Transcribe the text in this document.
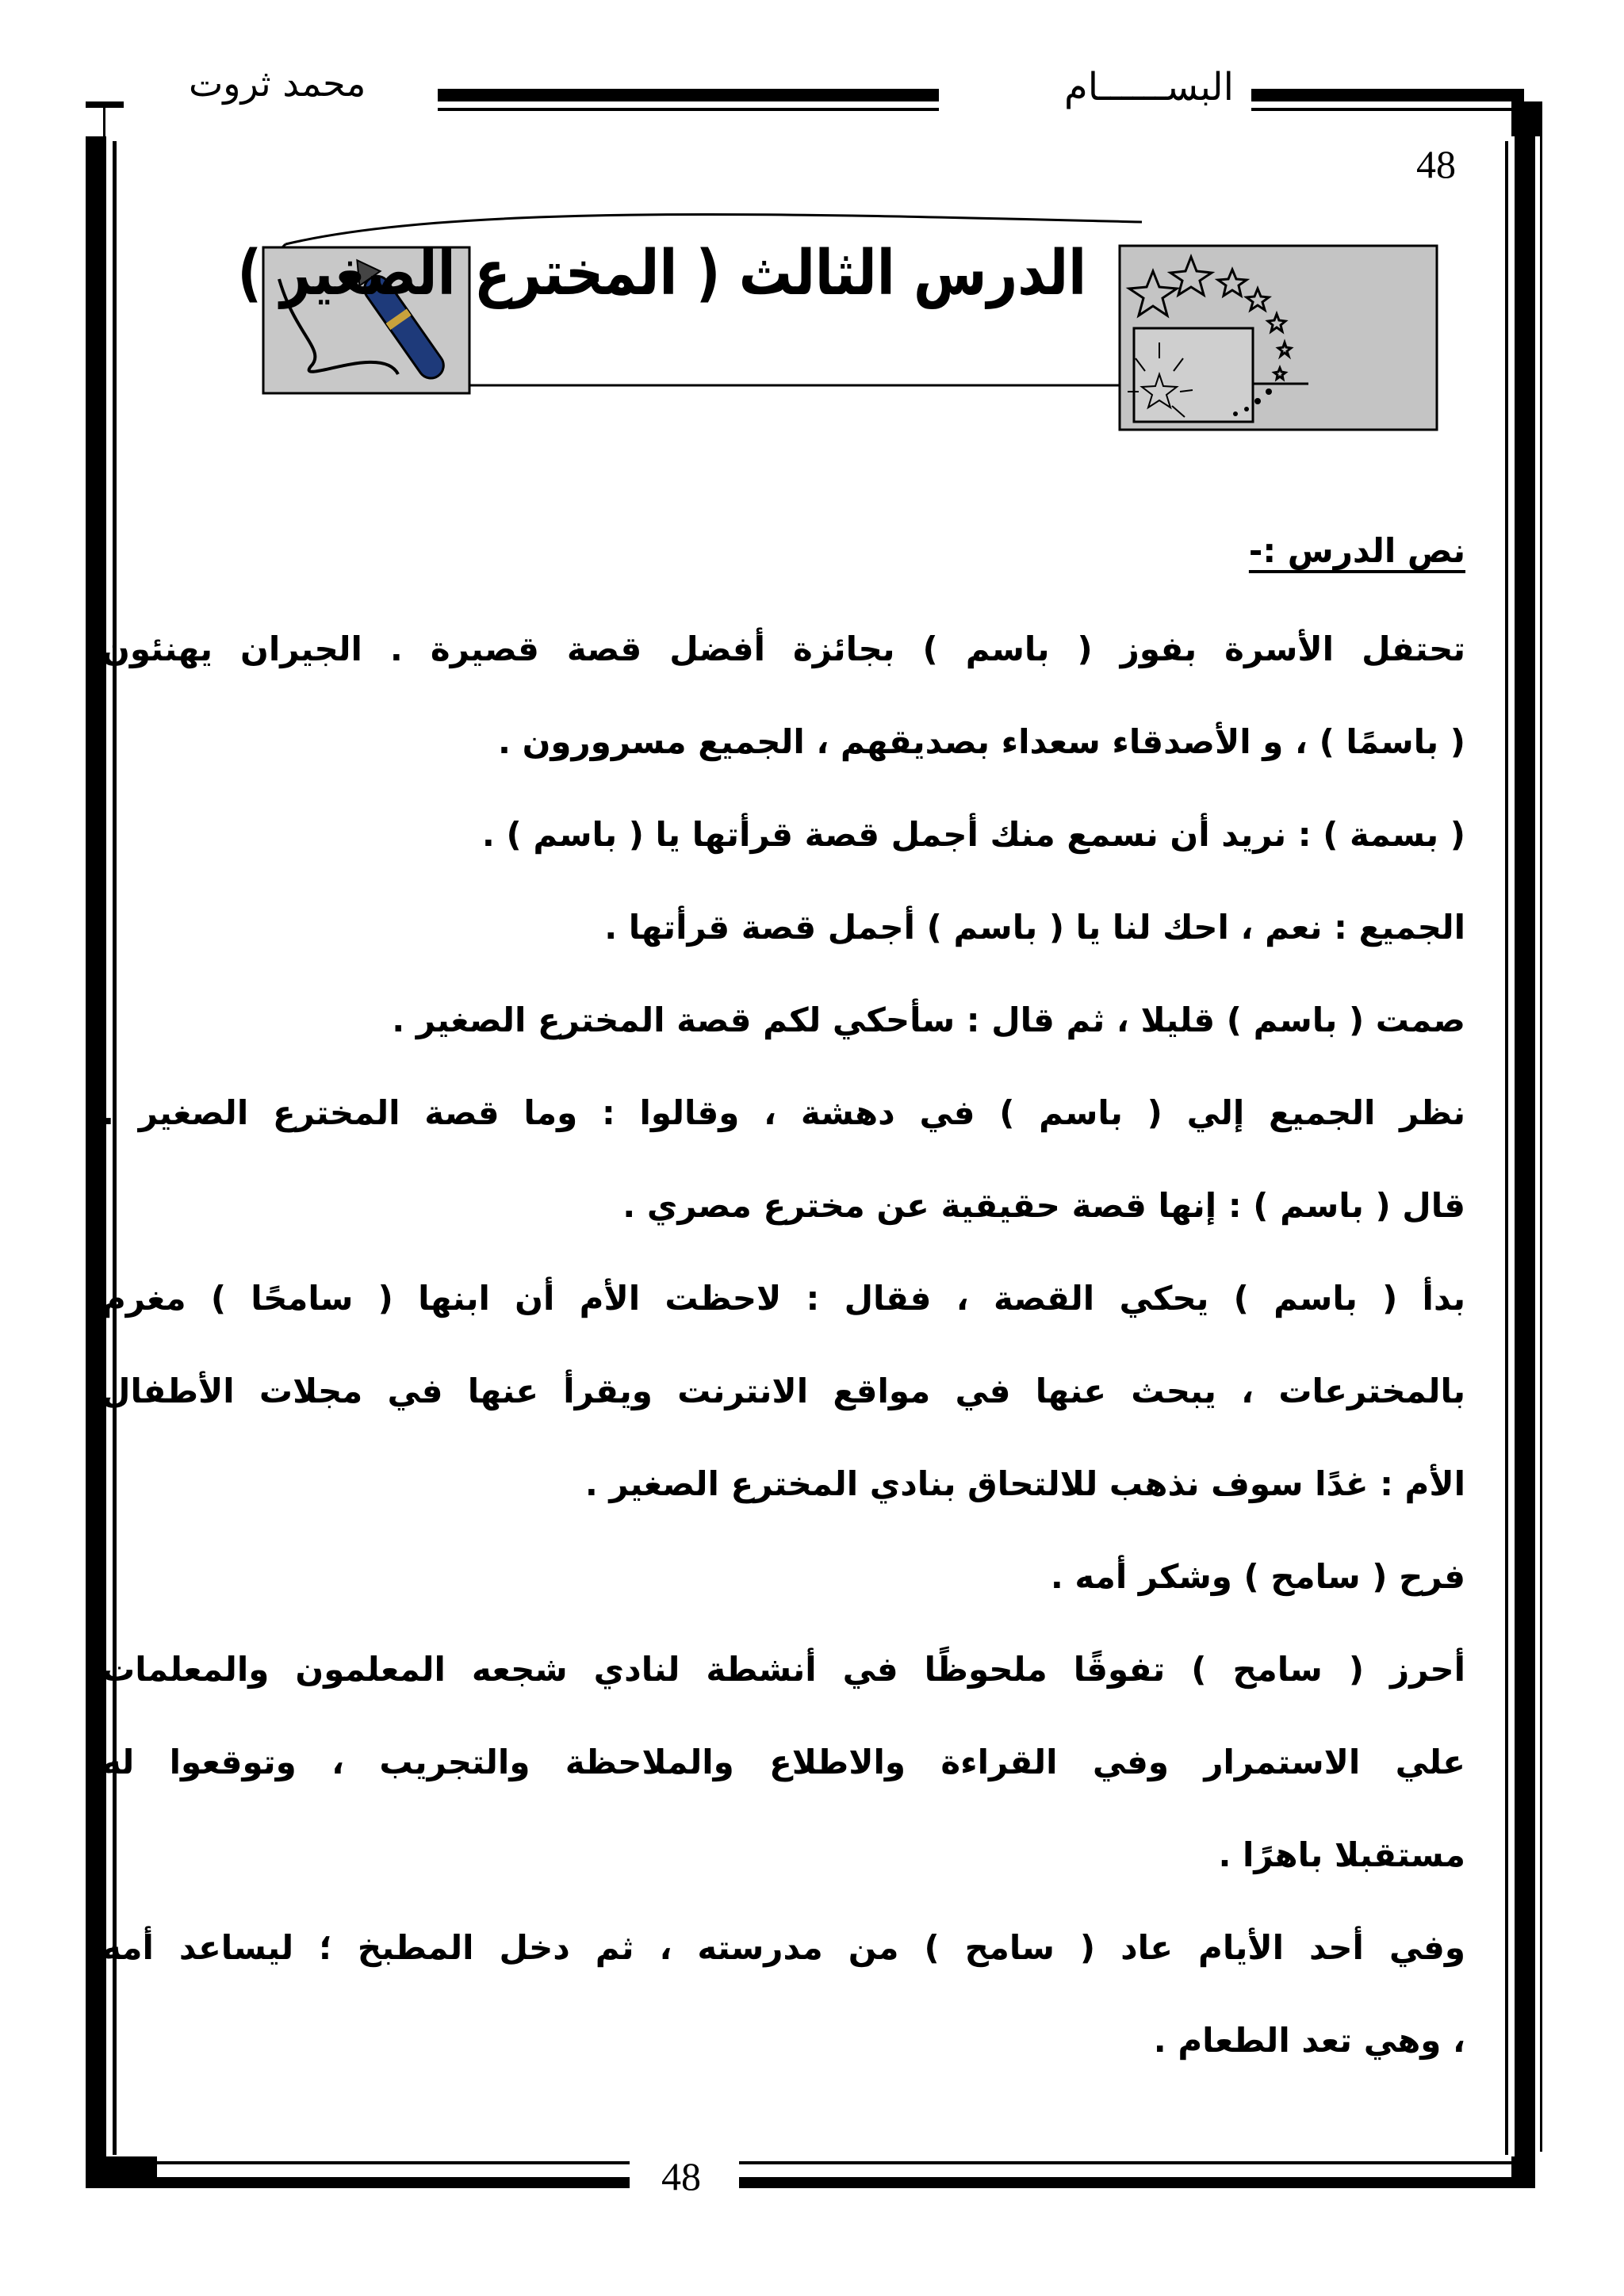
محمد ثروت	البســــــام
48
الدرس الثالث ( المخترع الصغير )
نص الدرس :-
تحتفل الأسرة بفوز ( باسم ) بجائزة أفضل قصة قصيرة . الجيران يهنئون
( باسمًا ) ، و الأصدقاء سعداء بصديقهم ، الجميع مسرورون .
( بسمة ) : نريد أن نسمع منك أجمل قصة قرأتها يا ( باسم ) .
الجميع : نعم ، احك لنا يا ( باسم ) أجمل قصة قرأتها .
صمت ( باسم ) قليلا ، ثم قال : سأحكي لكم قصة المخترع الصغير .
نظر الجميع إلي ( باسم ) في دهشة ، وقالوا : وما قصة المخترع الصغير .
قال ( باسم ) : إنها قصة حقيقية عن مخترع مصري .
بدأ ( باسم ) يحكي القصة ، فقال : لاحظت الأم أن ابنها ( سامحًا ) مغرم
بالمخترعات ، يبحث عنها في مواقع الانترنت ويقرأ عنها في مجلات الأطفال
الأم : غدًا سوف نذهب للالتحاق بنادي المخترع الصغير .
فرح ( سامح ) وشكر أمه .
أحرز ( سامح ) تفوقًا ملحوظًا في أنشطة لنادي شجعه المعلمون والمعلمات
علي الاستمرار وفي القراءة والاطلاع والملاحظة والتجريب ، وتوقعوا له
مستقبلا باهرًا .
وفي أحد الأيام عاد ( سامح ) من مدرسته ، ثم دخل المطبخ ؛ ليساعد أمه
، وهي تعد الطعام .
48
